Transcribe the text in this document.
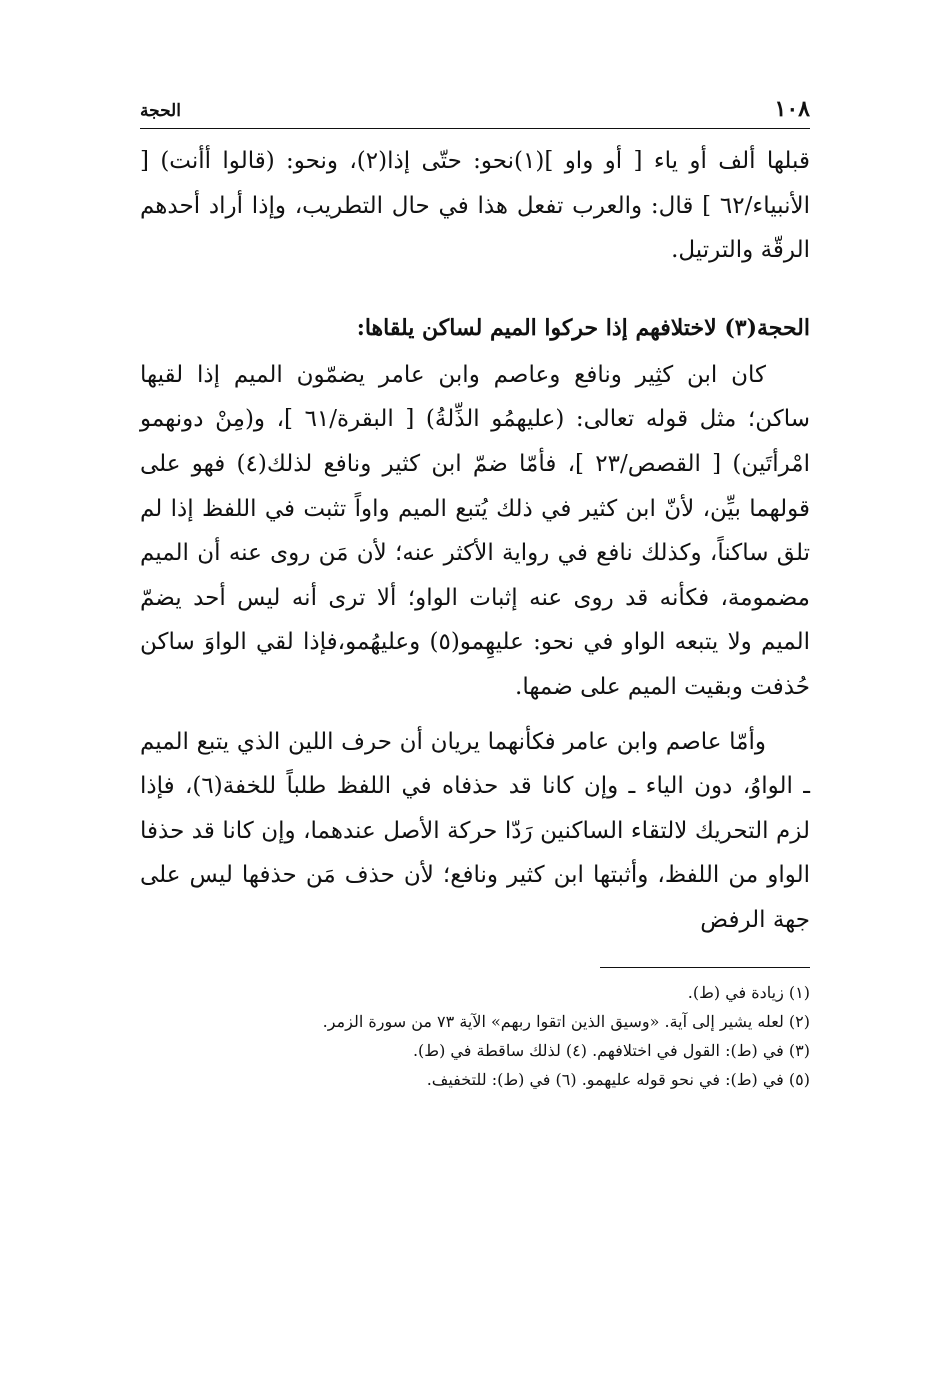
١٠٨
الحجة

قبلها ألف أو ياء [ أو واو ](١)نحو: حتّى إذا(٢)، ونحو: (قالوا أأنت) [ الأنبياء/٦٢ ] قال: والعرب تفعل هذا في حال التطريب، وإذا أراد أحدهم الرقّة والترتيل.

الحجة(٣) لاختلافهم إذا حركوا الميم لساكن يلقاها:

كان ابن كثِير ونافع وعاصم وابن عامر يضمّون الميم إذا لقيها ساكن؛ مثل قوله تعالى: (عليهمُو الذِّلةُ) [ البقرة/٦١ ]، و(مِنْ دونهمو امْرأتَين) [ القصص/٢٣ ]، فأمّا ضمّ ابن كثير ونافع لذلك(٤) فهو على قولهما بيِّن، لأنّ ابن كثير في ذلك يُتبع الميم واواً تثبت في اللفظ إذا لم تلق ساكناً، وكذلك نافع في رواية الأكثر عنه؛ لأن مَن روى عنه أن الميم مضمومة، فكأنه قد روى عنه إثبات الواو؛ ألا ترى أنه ليس أحد يضمّ الميم ولا يتبعه الواو في نحو: عليهِمو(٥) وعليهُمو،فإذا لقي الواوَ ساكن حُذفت وبقيت الميم على ضمها.

وأمّا عاصم وابن عامر فكأنهما يريان أن حرف اللين الذي يتبع الميم ـ الواوُ، دون الياء ـ وإن كانا قد حذفاه في اللفظ طلباً للخفة(٦)، فإذا لزم التحريك لالتقاء الساكنين رَدّا حركة الأصل عندهما، وإن كانا قد حذفا الواو من اللفظ، وأثبتها ابن كثير ونافع؛ لأن حذف مَن حذفها ليس على جهة الرفض

(١) زيادة في (ط).
(٢) لعله يشير إلى آية. «وسيق الذين اتقوا ربهم» الآية ٧٣ من سورة الزمر.
(٣) في (ط): القول في اختلافهم. (٤) لذلك ساقطة في (ط).
(٥) في (ط): في نحو قوله عليهمو. (٦) في (ط): للتخفيف.
